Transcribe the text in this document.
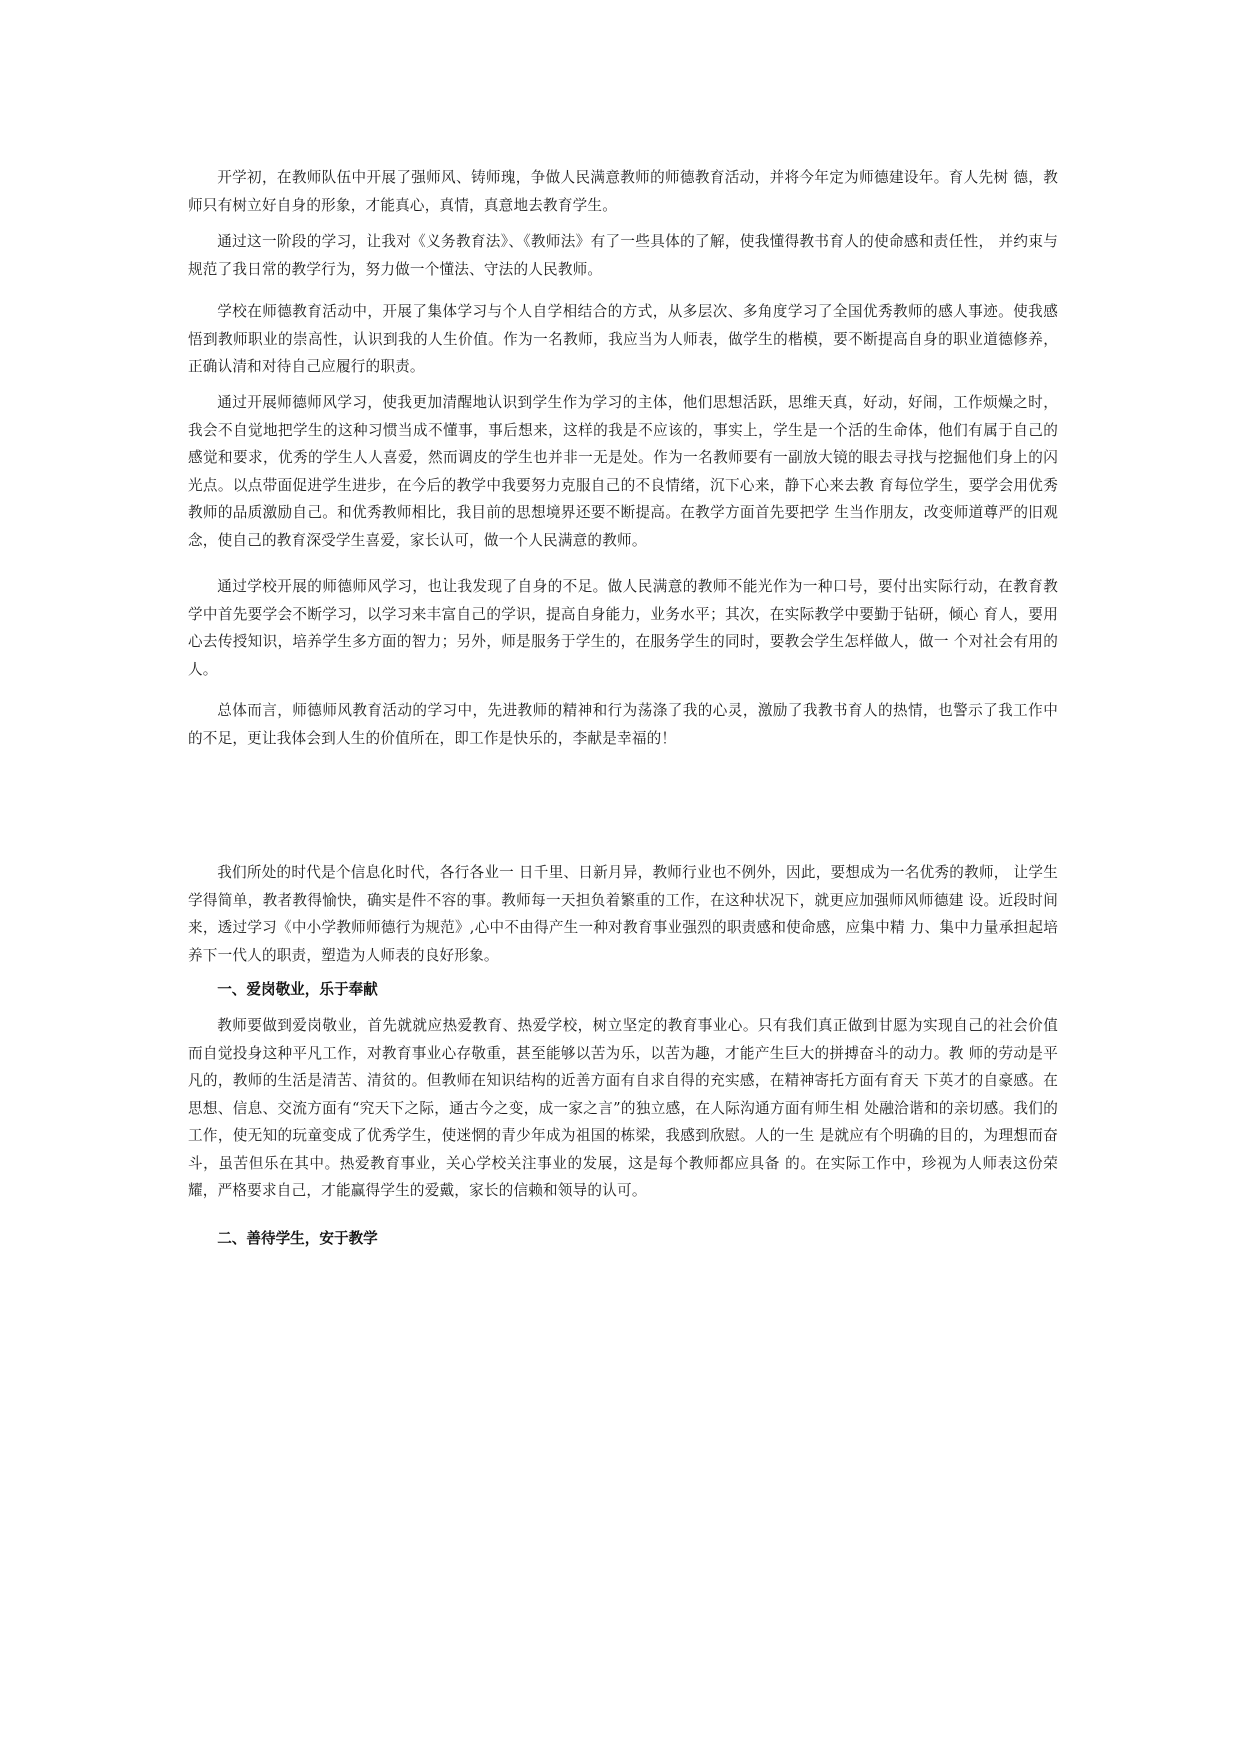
开学初，在教师队伍中开展了强师风、铸师瑰，争做人民满意教师的师德教育活动，并将今年定为师德建设年。育人先树 德，教师只有树立好自身的形象，才能真心，真情，真意地去教育学生。

通过这一阶段的学习，让我对《义务教育法》、《教师法》有了一些具体的了解，使我懂得教书育人的使命感和责任性， 并约束与规范了我日常的教学行为，努力做一个懂法、守法的人民教师。

学校在师德教育活动中，开展了集体学习与个人自学相结合的方式，从多层次、多角度学习了全国优秀教师的感人事迹。使我感悟到教师职业的崇高性，认识到我的人生价值。作为一名教师，我应当为人师表，做学生的楷模，要不断提高自身的职业道德修养，正确认清和对待自己应履行的职责。

通过开展师德师风学习，使我更加清醒地认识到学生作为学习的主体，他们思想活跃，思维天真，好动，好闹，工作烦燥之时，我会不自觉地把学生的这种习惯当成不懂事，事后想来，这样的我是不应该的，事实上，学生是一个活的生命体，他们有属于自己的感觉和要求，优秀的学生人人喜爱，然而调皮的学生也并非一无是处。作为一名教师要有一副放大镜的眼去寻找与挖掘他们身上的闪光点。以点带面促进学生进步，在今后的教学中我要努力克服自己的不良情绪，沉下心来，静下心来去教 育每位学生，要学会用优秀教师的品质激励自己。和优秀教师相比，我目前的思想境界还要不断提高。在教学方面首先要把学 生当作朋友，改变师道尊严的旧观念，使自己的教育深受学生喜爱，家长认可，做一个人民满意的教师。

通过学校开展的师德师风学习，也让我发现了自身的不足。做人民满意的教师不能光作为一种口号，要付出实际行动，在教育教学中首先要学会不断学习，以学习来丰富自己的学识，提高自身能力，业务水平；其次，在实际教学中要勤于钻研，倾心 育人，要用心去传授知识，培养学生多方面的智力；另外，师是服务于学生的，在服务学生的同时，要教会学生怎样做人，做一 个对社会有用的人。

总体而言，师德师风教育活动的学习中，先进教师的精神和行为荡涤了我的心灵，激励了我教书育人的热情，也警示了我工作中的不足，更让我体会到人生的价值所在，即工作是快乐的，李献是幸福的！

我们所处的时代是个信息化时代，各行各业一 日千里、日新月异，教师行业也不例外，因此，要想成为一名优秀的教师， 让学生学得简单，教者教得愉快，确实是件不容的事。教师每一天担负着繁重的工作，在这种状况下，就更应加强师风师德建 设。近段时间来，透过学习《中小学教师师德行为规范》,心中不由得产生一种对教育事业强烈的职责感和使命感，应集中精 力、集中力量承担起培养下一代人的职责，塑造为人师表的良好形象。

一、爱岗敬业，乐于奉献

教师要做到爱岗敬业，首先就就应热爱教育、热爱学校，树立坚定的教育事业心。只有我们真正做到甘愿为实现自己的社会价值而自觉投身这种平凡工作，对教育事业心存敬重，甚至能够以苦为乐，以苦为趣，才能产生巨大的拼搏奋斗的动力。教 师的劳动是平凡的，教师的生活是清苦、清贫的。但教师在知识结构的近善方面有自求自得的充实感，在精神寄托方面有育天 下英才的自豪感。在思想、信息、交流方面有“究天下之际，通古今之变，成一家之言”的独立感，在人际沟通方面有师生相 处融洽谐和的亲切感。我们的工作，使无知的玩童变成了优秀学生，使迷惘的青少年成为祖国的栋梁，我感到欣慰。人的一生 是就应有个明确的目的，为理想而奋斗，虽苦但乐在其中。热爱教育事业，关心学校关注事业的发展，这是每个教师都应具备 的。在实际工作中，珍视为人师表这份荣耀，严格要求自己，才能赢得学生的爱戴，家长的信赖和领导的认可。

二、善待学生，安于教学
